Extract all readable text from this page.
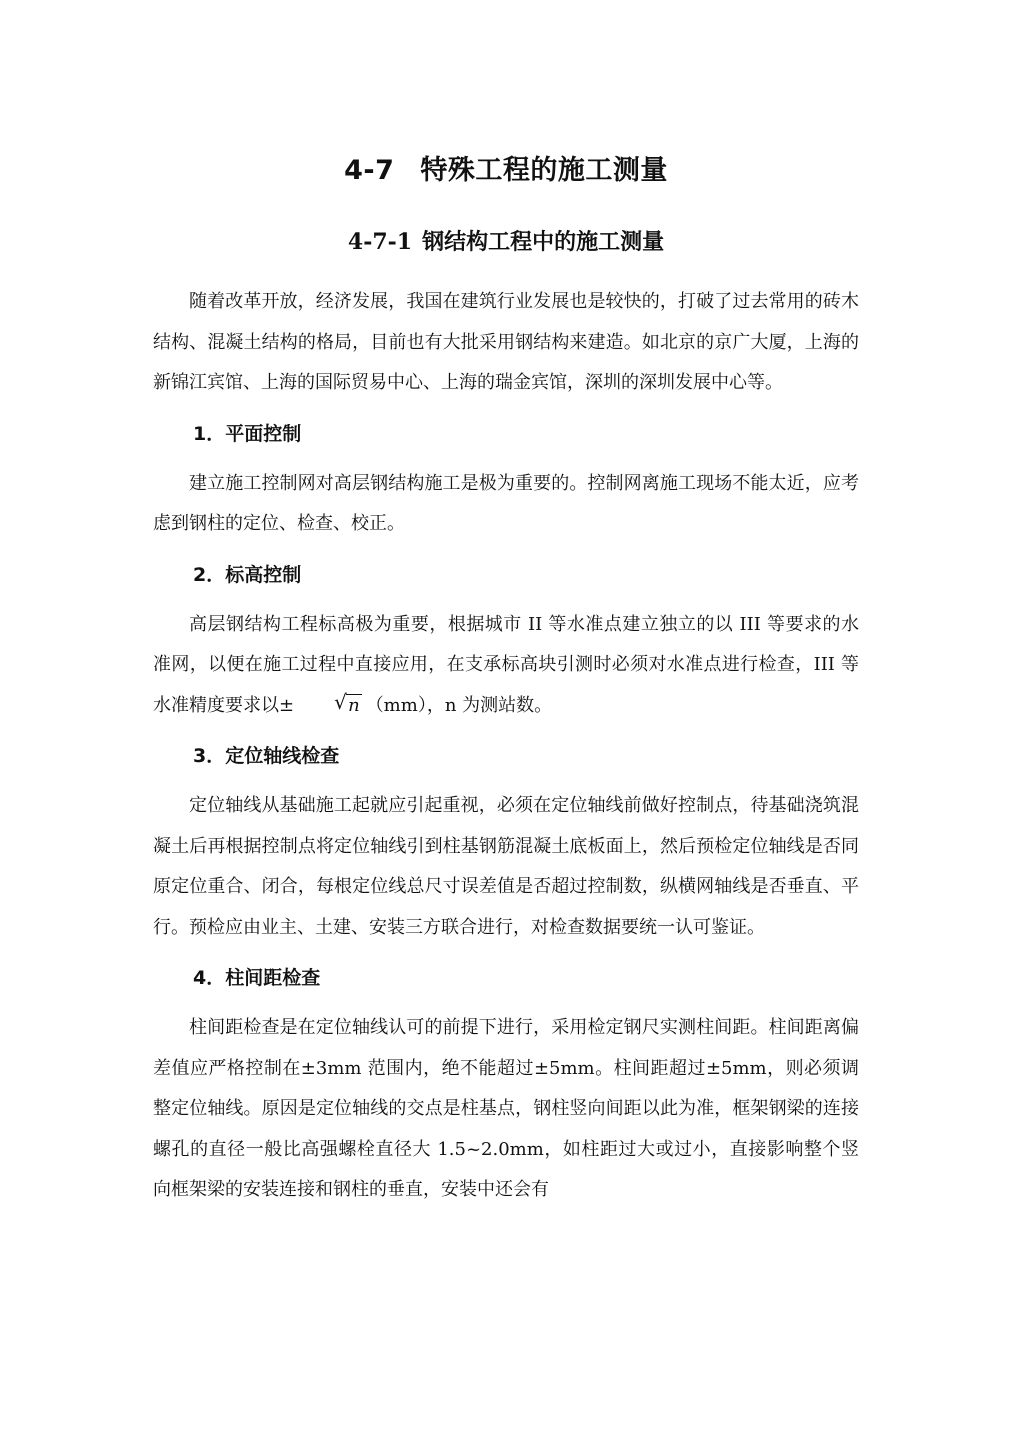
4-7 特殊工程的施工测量
4-7-1 钢结构工程中的施工测量

随着改革开放，经济发展，我国在建筑行业发展也是较快的，打破了过去常用的砖木结构、混凝土结构的格局，目前也有大批采用钢结构来建造。如北京的京广大厦，上海的新锦江宾馆、上海的国际贸易中心、上海的瑞金宾馆，深圳的深圳发展中心等。

1．平面控制

建立施工控制网对高层钢结构施工是极为重要的。控制网离施工现场不能太近，应考虑到钢柱的定位、检查、校正。

2．标高控制

高层钢结构工程标高极为重要，根据城市 II 等水准点建立独立的以 III 等要求的水准网，以便在施工过程中直接应用，在支承标高块引测时必须对水准点进行检查，III 等水准精度要求以±	√ n （mm），n 为测站数。

3．定位轴线检查

定位轴线从基础施工起就应引起重视，必须在定位轴线前做好控制点，待基础浇筑混凝土后再根据控制点将定位轴线引到柱基钢筋混凝土底板面上，然后预检定位轴线是否同原定位重合、闭合，每根定位线总尺寸误差值是否超过控制数，纵横网轴线是否垂直、平行。预检应由业主、土建、安装三方联合进行，对检查数据要统一认可鉴证。

4．柱间距检查

柱间距检查是在定位轴线认可的前提下进行，采用检定钢尺实测柱间距。柱间距离偏差值应严格控制在±3mm 范围内，绝不能超过±5mm。柱间距超过±5mm，则必须调整定位轴线。原因是定位轴线的交点是柱基点，钢柱竖向间距以此为准，框架钢梁的连接螺孔的直径一般比高强螺栓直径大 1.5~2.0mm，如柱距过大或过小，直接影响整个竖向框架梁的安装连接和钢柱的垂直，安装中还会有
